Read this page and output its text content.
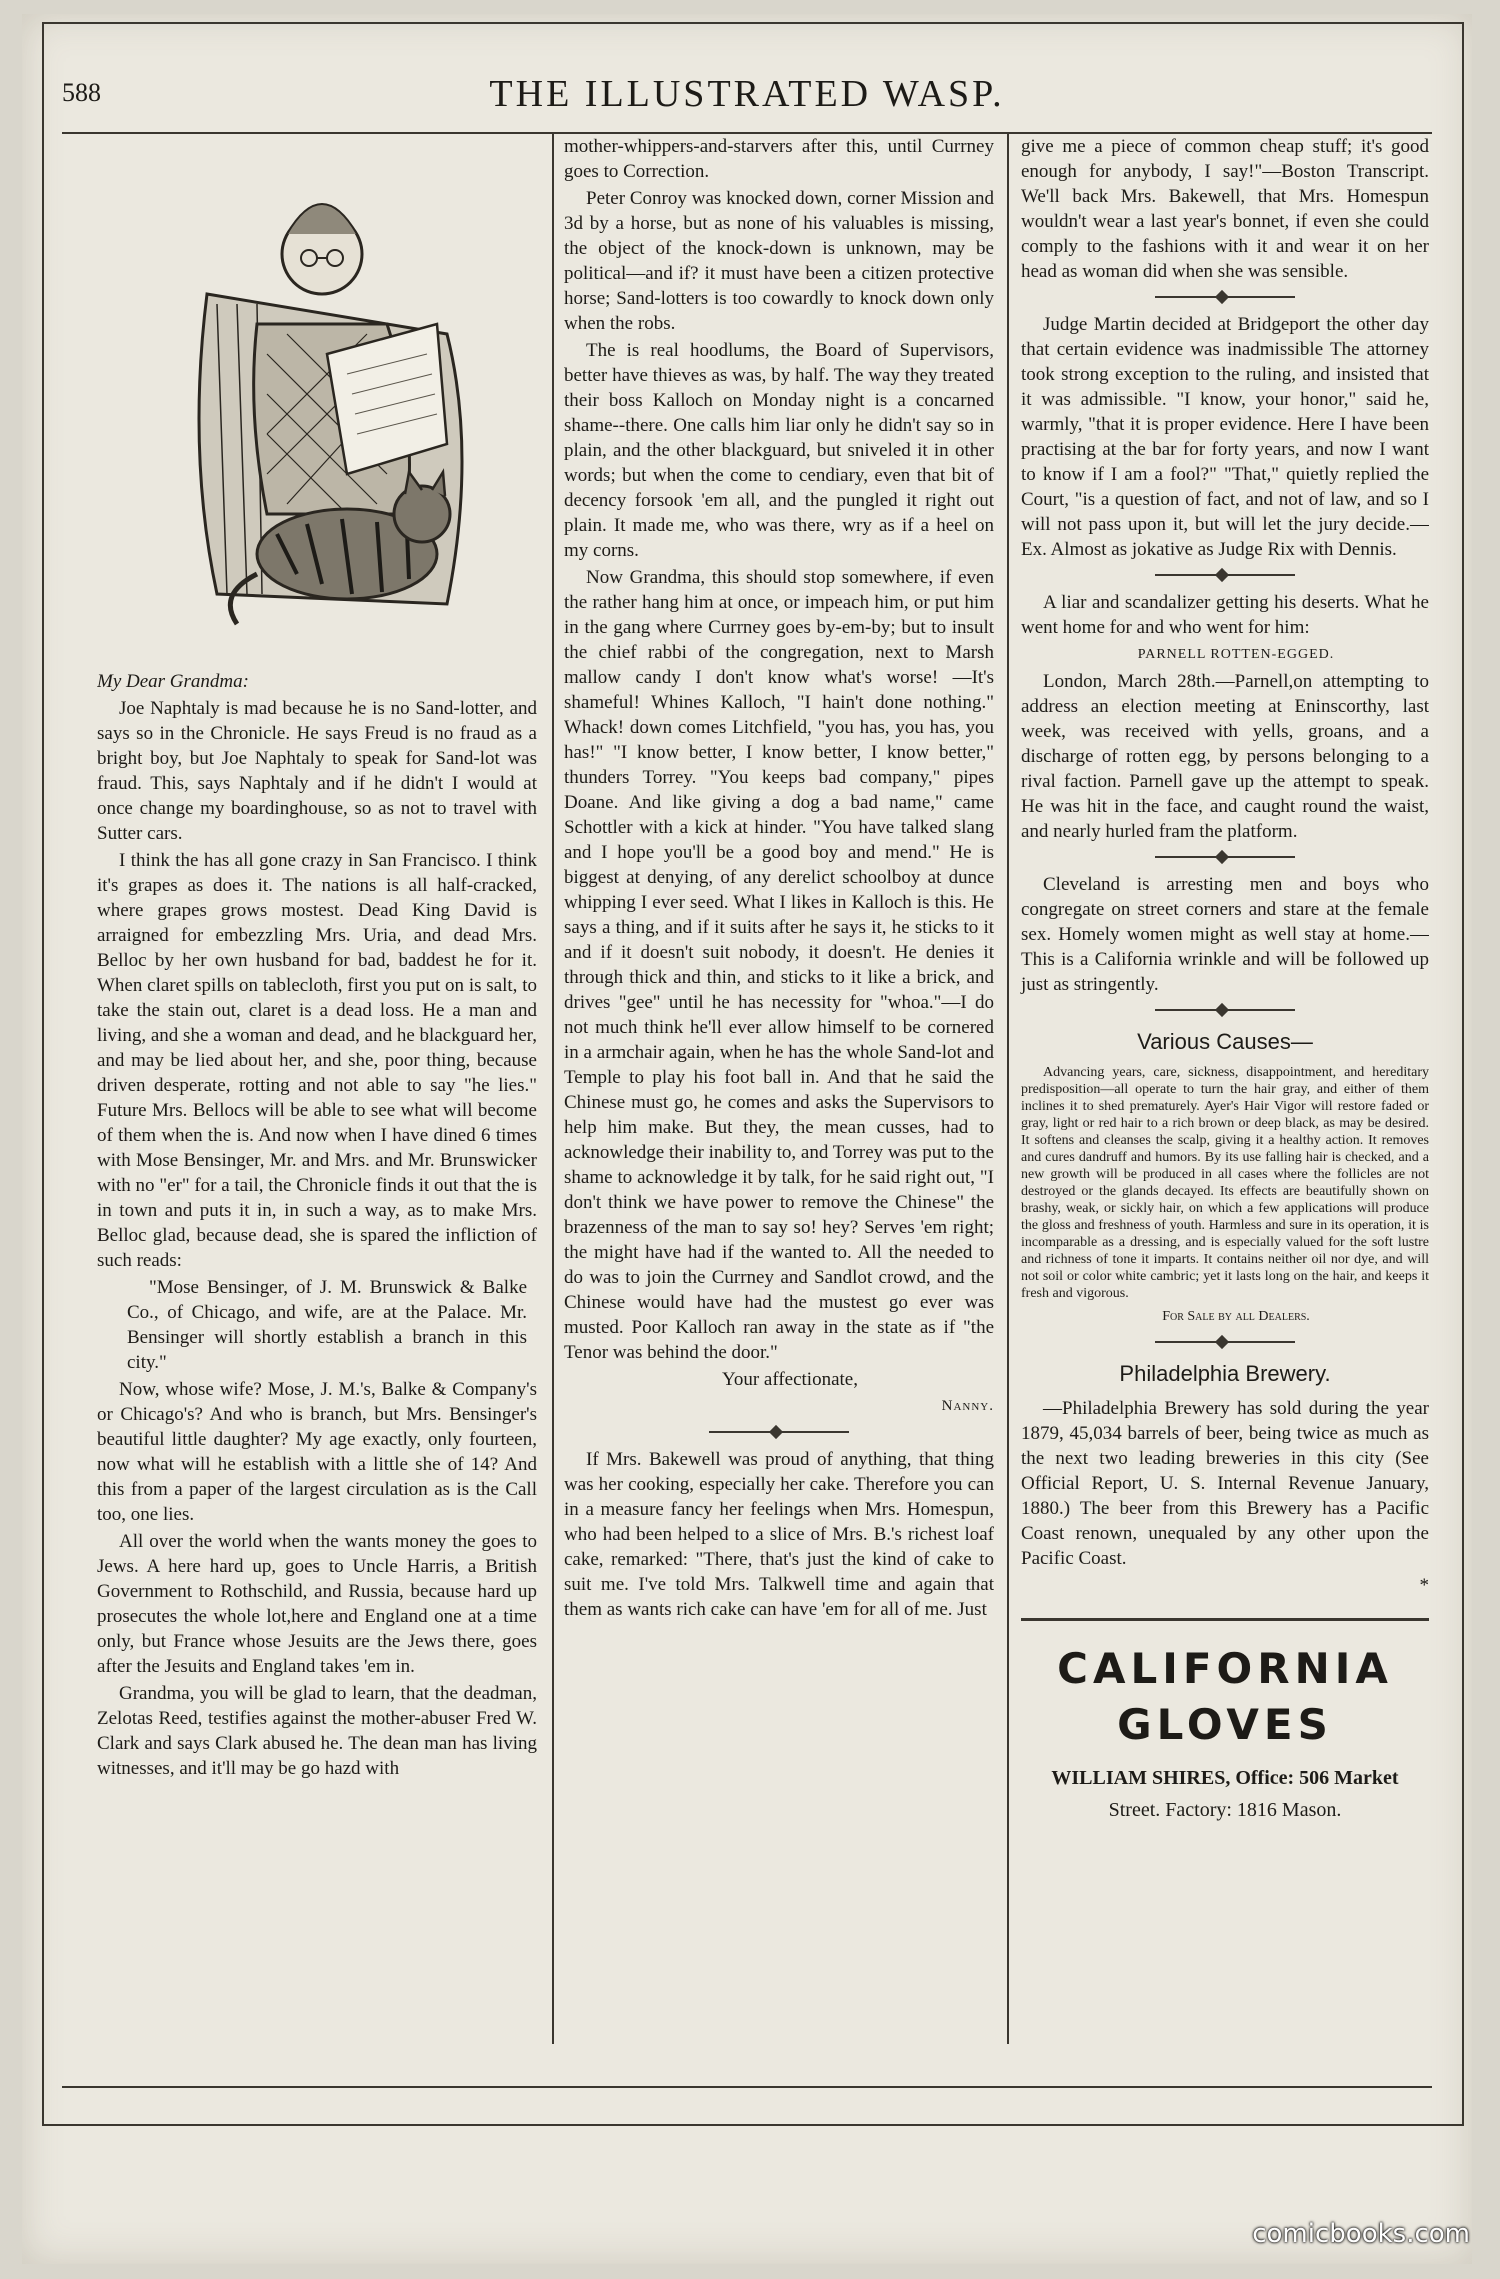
588	THE ILLUSTRATED WASP.

My Dear Grandma:

Joe Naphtaly is mad because he is no Sand-lotter, and says so in the Chronicle. He says Freud is no fraud as a bright boy, but Joe Naphtaly to speak for Sand-lot was fraud. This, says Naphtaly and if he didn't I would at once change my boardinghouse, so as not to travel with Sutter cars.

I think the has all gone crazy in San Francisco. I think it's grapes as does it. The nations is all half-cracked, where grapes grows mostest. Dead King David is arraigned for embezzling Mrs. Uria, and dead Mrs. Belloc by her own husband for bad, baddest he for it. When claret spills on tablecloth, first you put on is salt, to take the stain out, claret is a dead loss. He a man and living, and she a woman and dead, and he blackguard her, and may be lied about her, and she, poor thing, because driven desperate, rotting and not able to say "he lies." Future Mrs. Bellocs will be able to see what will become of them when the is. And now when I have dined 6 times with Mose Bensinger, Mr. and Mrs. and Mr. Brunswicker with no "er" for a tail, the Chronicle finds it out that the is in town and puts it in, in such a way, as to make Mrs. Belloc glad, because dead, she is spared the infliction of such reads:

"Mose Bensinger, of J. M. Brunswick & Balke Co., of Chicago, and wife, are at the Palace. Mr. Bensinger will shortly establish a branch in this city."

Now, whose wife? Mose, J. M.'s, Balke & Company's or Chicago's? And who is branch, but Mrs. Bensinger's beautiful little daughter? My age exactly, only fourteen, now what will he establish with a little she of 14? And this from a paper of the largest circulation as is the Call too, one lies.

All over the world when the wants money the goes to Jews. A here hard up, goes to Uncle Harris, a British Government to Rothschild, and Russia, because hard up prosecutes the whole lot,here and England one at a time only, but France whose Jesuits are the Jews there, goes after the Jesuits and England takes 'em in.

Grandma, you will be glad to learn, that the deadman, Zelotas Reed, testifies against the mother-abuser Fred W. Clark and says Clark abused he. The dean man has living witnesses, and it'll may be go hazd with

mother-whippers-and-starvers after this, until Currney goes to Correction.

Peter Conroy was knocked down, corner Mission and 3d by a horse, but as none of his valuables is missing, the object of the knock-down is unknown, may be political—and if? it must have been a citizen protective horse; Sand-lotters is too cowardly to knock down only when the robs.

The is real hoodlums, the Board of Supervisors, better have thieves as was, by half. The way they treated their boss Kalloch on Monday night is a concarned shame--there. One calls him liar only he didn't say so in plain, and the other blackguard, but sniveled it in other words; but when the come to cendiary, even that bit of decency forsook 'em all, and the pungled it right out plain. It made me, who was there, wry as if a heel on my corns.

Now Grandma, this should stop somewhere, if even the rather hang him at once, or impeach him, or put him in the gang where Currney goes by-em-by; but to insult the chief rabbi of the congregation, next to Marsh mallow candy I don't know what's worse! —It's shameful! Whines Kalloch, "I hain't done nothing." Whack! down comes Litchfield, "you has, you has, you has!" "I know better, I know better, I know better," thunders Torrey. "You keeps bad company," pipes Doane. And like giving a dog a bad name," came Schottler with a kick at hinder. "You have talked slang and I hope you'll be a good boy and mend." He is biggest at denying, of any derelict schoolboy at dunce whipping I ever seed. What I likes in Kalloch is this. He says a thing, and if it suits after he says it, he sticks to it and if it doesn't suit nobody, it doesn't. He denies it through thick and thin, and sticks to it like a brick, and drives "gee" until he has necessity for "whoa."—I do not much think he'll ever allow himself to be cornered in a armchair again, when he has the whole Sand-lot and Temple to play his foot ball in. And that he said the Chinese must go, he comes and asks the Supervisors to help him make. But they, the mean cusses, had to acknowledge their inability to, and Torrey was put to the shame to acknowledge it by talk, for he said right out, "I don't think we have power to remove the Chinese" the brazenness of the man to say so! hey? Serves 'em right; the might have had if the wanted to. All the needed to do was to join the Currney and Sandlot crowd, and the Chinese would have had the mustest go ever was musted. Poor Kalloch ran away in the state as if "the Tenor was behind the door."

Your affectionate,

Nanny.

If Mrs. Bakewell was proud of anything, that thing was her cooking, especially her cake. Therefore you can in a measure fancy her feelings when Mrs. Homespun, who had been helped to a slice of Mrs. B.'s richest loaf cake, remarked: "There, that's just the kind of cake to suit me. I've told Mrs. Talkwell time and again that them as wants rich cake can have 'em for all of me. Just

give me a piece of common cheap stuff; it's good enough for anybody, I say!"—Boston Transcript. We'll back Mrs. Bakewell, that Mrs. Homespun wouldn't wear a last year's bonnet, if even she could comply to the fashions with it and wear it on her head as woman did when she was sensible.

Judge Martin decided at Bridgeport the other day that certain evidence was inadmissible The attorney took strong exception to the ruling, and insisted that it was admissible. "I know, your honor," said he, warmly, "that it is proper evidence. Here I have been practising at the bar for forty years, and now I want to know if I am a fool?" "That," quietly replied the Court, "is a question of fact, and not of law, and so I will not pass upon it, but will let the jury decide.—Ex. Almost as jokative as Judge Rix with Dennis.

A liar and scandalizer getting his deserts. What he went home for and who went for him:

PARNELL ROTTEN-EGGED.

London, March 28th.—Parnell,on attempting to address an election meeting at Eninscorthy, last week, was received with yells, groans, and a discharge of rotten egg, by persons belonging to a rival faction. Parnell gave up the attempt to speak. He was hit in the face, and caught round the waist, and nearly hurled fram the platform.

Cleveland is arresting men and boys who congregate on street corners and stare at the female sex. Homely women might as well stay at home.—This is a California wrinkle and will be followed up just as stringently.

Various Causes—

Advancing years, care, sickness, disappointment, and hereditary predisposition—all operate to turn the hair gray, and either of them inclines it to shed prematurely. Ayer's Hair Vigor will restore faded or gray, light or red hair to a rich brown or deep black, as may be desired. It softens and cleanses the scalp, giving it a healthy action. It removes and cures dandruff and humors. By its use falling hair is checked, and a new growth will be produced in all cases where the follicles are not destroyed or the glands decayed. Its effects are beautifully shown on brashy, weak, or sickly hair, on which a few applications will produce the gloss and freshness of youth. Harmless and sure in its operation, it is incomparable as a dressing, and is especially valued for the soft lustre and richness of tone it imparts. It contains neither oil nor dye, and will not soil or color white cambric; yet it lasts long on the hair, and keeps it fresh and vigorous.

For Sale by all Dealers.

Philadelphia Brewery.

—Philadelphia Brewery has sold during the year 1879, 45,034 barrels of beer, being twice as much as the next two leading breweries in this city (See Official Report, U. S. Internal Revenue January, 1880.) The beer from this Brewery has a Pacific Coast renown, unequaled by any other upon the Pacific Coast.

*

CALIFORNIA
GLOVES
WILLIAM SHIRES, Office: 506 Market
Street. Factory: 1816 Mason.
comicbooks.com
